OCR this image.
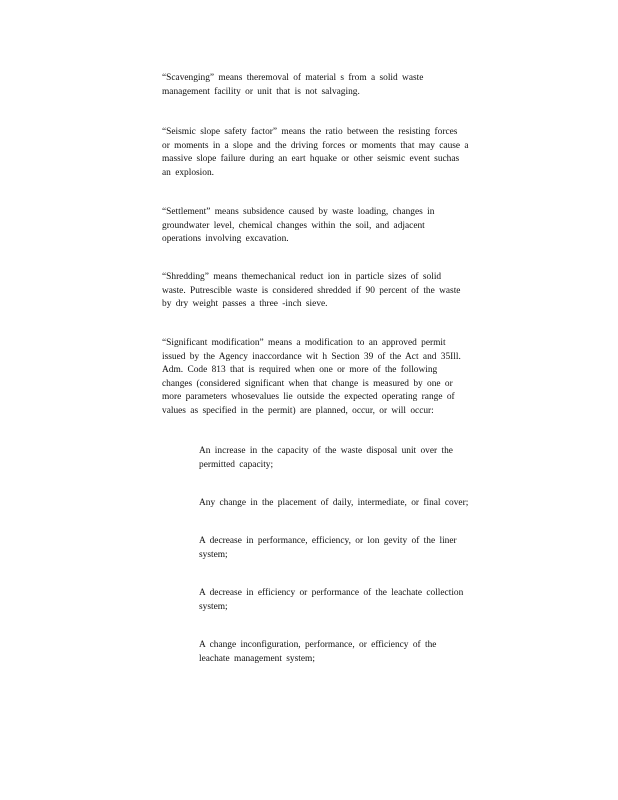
“Scavenging” means theremoval of material s from a solid waste
management facility or unit that is not salvaging.

“Seismic slope safety factor” means the ratio between the resisting forces
or moments in a slope and the driving forces or moments that may cause a
massive slope failure during an eart hquake or other seismic event suchas
an explosion.

“Settlement” means subsidence caused by waste loading, changes in
groundwater level, chemical changes within the soil, and adjacent
operations involving excavation.

“Shredding” means themechanical reduct ion in particle sizes of solid
waste. Putrescible waste is considered shredded if 90 percent of the waste
by dry weight passes a three -inch sieve.

“Significant modification” means a modification to an approved permit
issued by the Agency inaccordance wit h Section 39 of the Act and 35Ill.
Adm. Code 813 that is required when one or more of the following
changes (considered significant when that change is measured by one or
more parameters whosevalues lie outside the expected operating range of
values as specified in the permit) are planned, occur, or will occur:

An increase in the capacity of the waste disposal unit over the
permitted capacity;

Any change in the placement of daily, intermediate, or final cover;

A decrease in performance, efficiency, or lon gevity of the liner
system;

A decrease in efficiency or performance of the leachate collection
system;

A change inconfiguration, performance, or efficiency of the
leachate management system;
